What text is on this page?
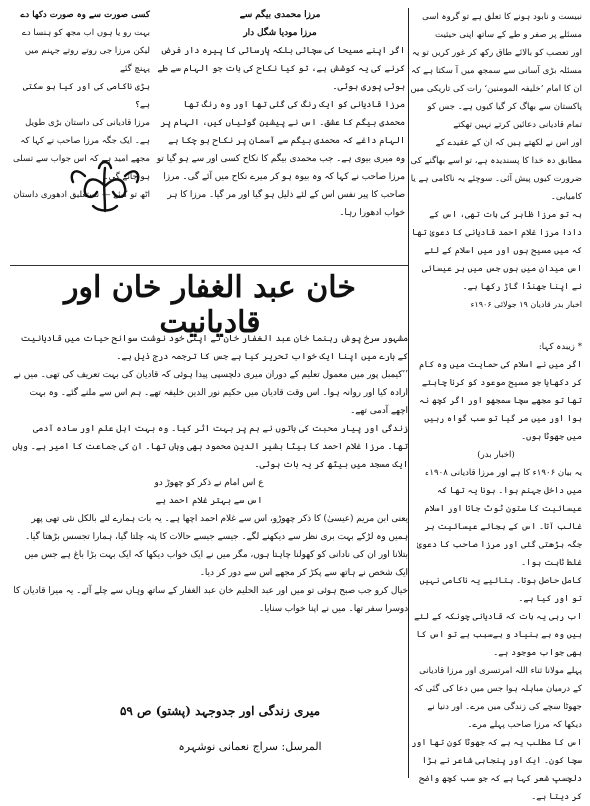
نبیست و نابود ہونے کا تعلق ہے تو گروہ اسی مسئلے پر صفر و طے کے ساتھ اپنی حیثیت

اور تعصب کو بالائے طاق رکھ کر غور کریں تو یہ مسئلہ بڑی آسانی سے سمجھ میں آ سکتا ہے کہ ان کا امام ’خلیفہ المومنین‘ رات کی تاریکی میں پاکستان سے بھاگ کر گیا کیوں ہے۔ جس کو تمام قادیانی دعائیں کرتے نہیں تھکتے

اور اس نے لکھتے ہیں کہ ان کے عقیدے کے مطابق دہ خدا کا پسندیدہ ہے، تو اسے بھاگنے کی ضرورت کیوں پیش آئی۔ سوچئے یہ ناکامی ہے یا کامیابی۔

بہ تو مرزا ظاہر کی بات تھی، اس کے دادا مرزا غلام احمد قادیانی کا دعویٰ تھا کہ میں مسیح ہوں اور میں اسلام کے لئے اس میدان میں ہوں جس میں ہر عیسائی نے اپنا جھنڈا گاڑ رکھا ہے۔

اخبار بدر قادیان ۱۹ جولائی ۱۹۰۶ء

* زیبدہ کہا:

اگر میں نے اسلام کی حمایت میں وہ کام کر دکھایا جو مسیح موعود کو کرنا چاہئے تھا تو مجھے سچا سمجھو اور اگر کچھ نہ ہوا اور میں مر گیا تو سب گواہ رہیں میں جھوٹا ہوں۔

(اخبار بدر)

یہ بیان ۱۹۰۶ء کا ہے اور مرزا قادیانی ۱۹۰۸ء میں داخل جہنم ہوا۔ ہونا یہ تھا کہ عیسائیت کا ستون ٹوٹ جاتا اور اسلام غالب آتا۔ اس کے بجائے عیسائیت ہر جگہ بڑھتی گئی اور مرزا صاحب کا دعویٰ غلط ثابت ہوا۔

کامل حاصل ہوتا۔ بتائیے یہ ناکامی نہیں تو اور کیا ہے۔

اب رہی یہ بات کہ قادیانی چونکہ کے لئے ہیں وہ بے بنیاد و بےسبب ہے تو اس کا بھی جواب موجود ہے۔

پہلے مولانا ثناء اللہ امرتسری اور مرزا قادیانی کے درمیان مباہلہ ہوا جس میں دعا کی گئی کہ جھوٹا سچے کی زندگی میں مرے۔ اور دنیا نے دیکھا کہ مرزا صاحب پہلے مرے۔

اس کا مطلب یہ ہے کہ جھوٹا کون تھا اور سچا کون۔ ایک اور پنجابی شاعر نے بڑا دلچسپ شعر کہا ہے کہ جو سب کچھ واضح کر دیتا ہے۔

کسی صورت سے وہ صورت دکھا دے
بہت رو یا ہوں اب مجھ کو ہنسا دے
لیکن مرزا جی روتے روتے جہنم میں پہنچ گئے
بڑی ناکامی کی اور کیا ہو سکتی ہے؟
مرزا قادیانی کی داستان بڑی طویل ہے۔ ایک جگہ مرزا صاحب نے کہا کہ
مجھے امید ہے کہ اس جواب سے تسلی ہو جائے گی۔
اٹھ تو کیئے — نستعلیق ادھوری داستان
مرزا محمدی بیگم سے
مرزا مودیا شگل دار
اگر اپنے مسیحا کی سچائی بلکہ پارسائی کا پیرہ دار فرض کرنے کی یہ کوشش ہے، تو کیا نکاح کی بات جو الہام سے طے ہوئی پوری ہوئی۔
مرزا قادیانی کو ایک رنگ کی گئی تھا اور وہ رنگ تھا محمدی بیگم کا عشق۔ اس نے پیشین گوئیاں کیں، الہام پر الہام داغے کہ محمدی بیگم سے آسمان پر نکاح ہو چکا ہے
وہ میری بیوی ہے۔ جب محمدی بیگم کا نکاح کسی اور سے ہو گیا تو مرزا صاحب نے کہا کہ وہ بیوہ ہو کر میرے نکاح میں آئے گی۔ مرزا صاحب کا پیر نفس اس کے لئے ذلیل ہو گیا اور مر گیا۔ مرزا کا ہر خواب ادھورا رہا۔
خان عبد الغفار خان اور قادیانیت

مشہور سرخ پوش رہنما خان عبد الغفار خان نے اپنی خود نوشت سوانح حیات میں قادیانیت کے بارے میں اپنا ایک خواب تحریر کیا ہے جس کا ترجمہ درج ذیل ہے۔

’’کیمبل پور میں معمول تعلیم کے دوران میری دلچسپی پیدا ہوئی کہ قادیان کی بہت تعریف کی تھی۔ میں نے ارادہ کیا اور روانہ ہوا۔ اس وقت قادیان میں حکیم نور الدین خلیفہ تھے۔ ہم اس سے ملنے گئے۔ وہ بہت اچھے آدمی تھے۔

زندگی اور پیار محبت کی باتوں نے ہم پر بہت اثر کیا۔ وہ بہت اہل علم اور سادہ آدمی تھا۔ مرزا غلام احمد کا بیٹا بشیر الدین محمود بھی وہاں تھا۔ ان کی جماعت کا امیر ہے۔ وہاں ایک مسجد میں بیٹھ کر یہ بات ہوئی۔

ع اس امام نے ذکر کو چھوڑ دو

اس سے بہتر غلام احمد ہے

یعنی ابن مریم (عیسیٰ) کا ذکر چھوڑو، اس سے غلام احمد اچھا ہے۔ یہ بات ہمارے لئے بالکل نئی تھی پھر ہمیں وہ لڑکے بہت بری نظر سے دیکھنے لگے۔ جیسے جیسے حالات کا پتہ چلتا گیا، ہمارا تجسس بڑھتا گیا۔

بتلانا اور ان کی نادانی کو کھولنا چاہتا ہوں، مگر میں نے ایک خواب دیکھا کہ ایک بہت بڑا باغ ہے جس میں ایک شخص نے ہاتھ سے پکڑ کر مجھے اس سے دور کر دیا۔

خیال کرو جب صبح ہوئی تو میں اور عبد الحلیم خان عبد الغفار کے ساتھ وہاں سے چلے آئے۔ یہ میرا قادیان کا دوسرا سفر تھا۔ میں نے اپنا خواب سنایا۔

میری زندگی اور جدوجہد (پشتو) ص ۵۹
المرسل: سراج نعمانی نوشہرہ
